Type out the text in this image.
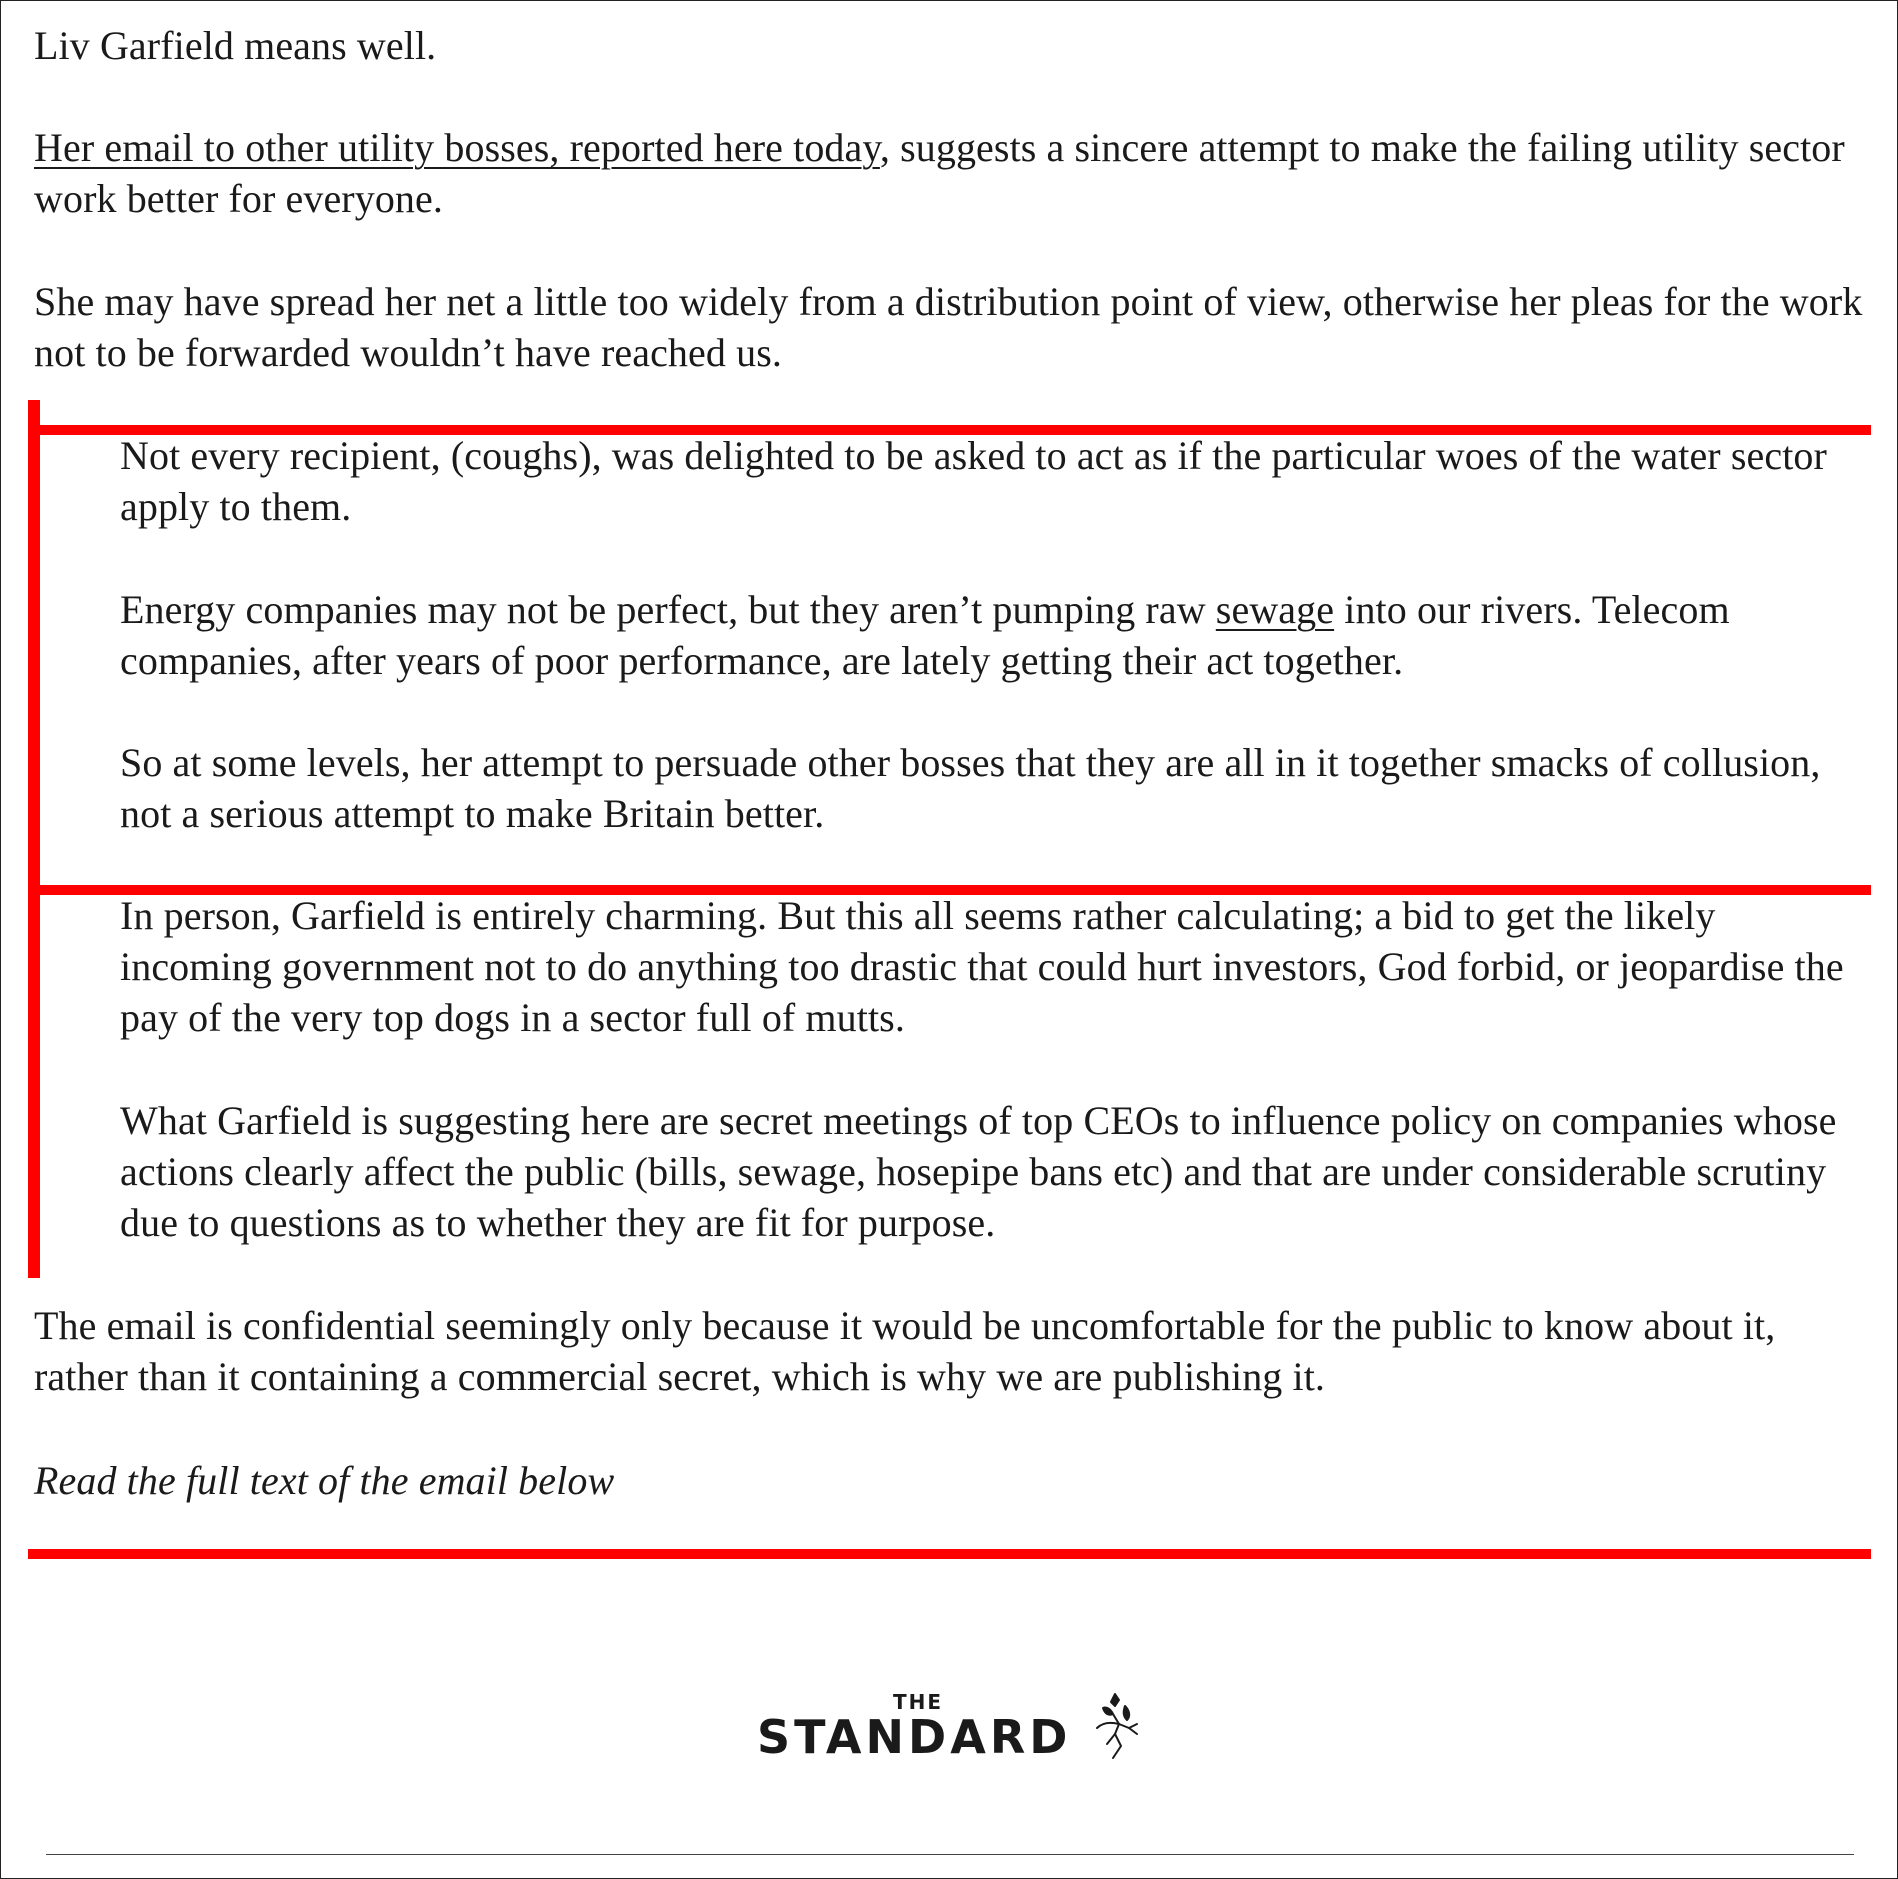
Liv Garfield means well.

Her email to other utility bosses, reported here today, suggests a sincere attempt to make the failing utility sector work better for everyone.

She may have spread her net a little too widely from a distribution point of view, otherwise her pleas for the work not to be forwarded wouldn’t have reached us.

Not every recipient, (coughs), was delighted to be asked to act as if the particular woes of the water sector apply to them.

Energy companies may not be perfect, but they aren’t pumping raw sewage into our rivers. Telecom companies, after years of poor performance, are lately getting their act together.

So at some levels, her attempt to persuade other bosses that they are all in it together smacks of collusion, not a serious attempt to make Britain better.

In person, Garfield is entirely charming. But this all seems rather calculating; a bid to get the likely incoming government not to do anything too drastic that could hurt investors, God forbid, or jeopardise the pay of the very top dogs in a sector full of mutts.

What Garfield is suggesting here are secret meetings of top CEOs to influence policy on companies whose actions clearly affect the public (bills, sewage, hosepipe bans etc) and that are under considerable scrutiny due to questions as to whether they are fit for purpose.

The email is confidential seemingly only because it would be uncomfortable for the public to know about it, rather than it containing a commercial secret, which is why we are publishing it.

Read the full text of the email below

THE
STANDARD
